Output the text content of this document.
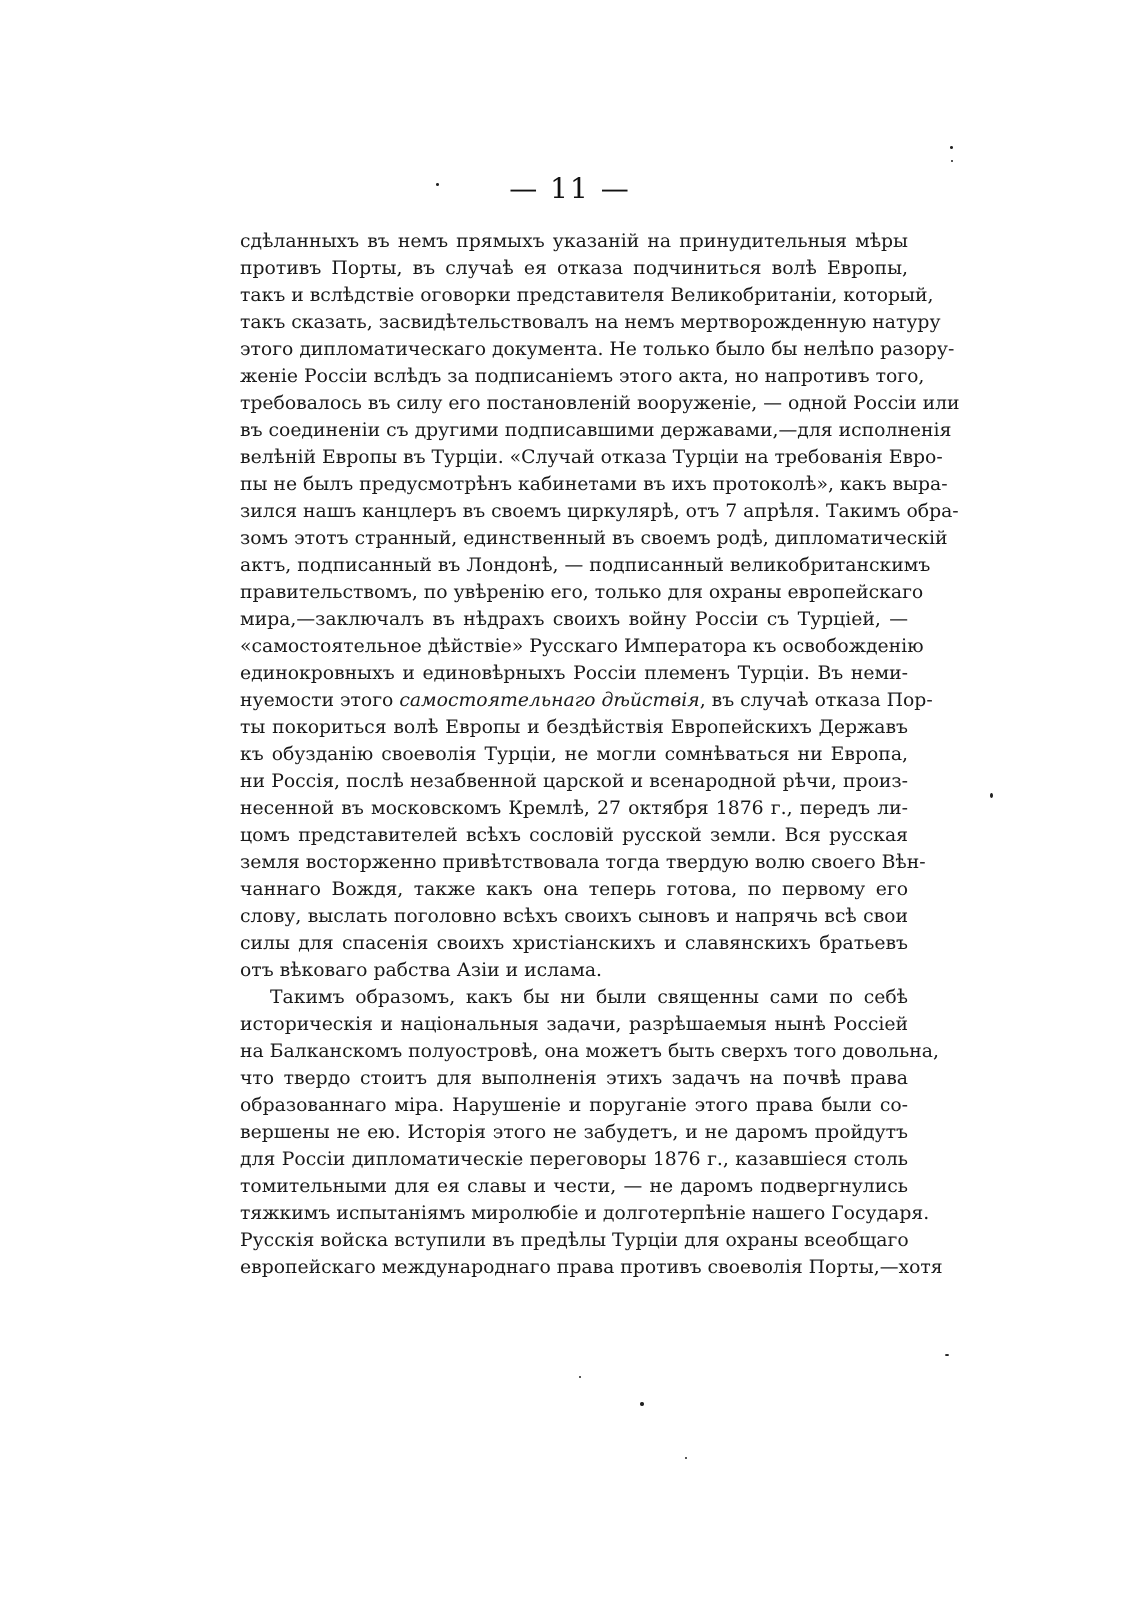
— 11 —
сдѣланныхъ въ немъ прямыхъ указаній на принудительныя мѣры
противъ Порты, въ случаѣ ея отказа подчиниться волѣ Европы,
такъ и вслѣдствіе оговорки представителя Великобританіи, который,
такъ сказать, засвидѣтельствовалъ на немъ мертворожденную натуру
этого дипломатическаго документа. Не только было бы нелѣпо разору-
женіе Россіи вслѣдъ за подписаніемъ этого акта, но напротивъ того,
требовалось въ силу его постановленій вооруженіе, — одной Россіи или
въ соединеніи съ другими подписавшими державами,—для исполненія
велѣній Европы въ Турціи. «Случай отказа Турціи на требованія Евро-
пы не былъ предусмотрѣнъ кабинетами въ ихъ протоколѣ», какъ выра-
зился нашъ канцлеръ въ своемъ циркулярѣ, отъ 7 апрѣля. Такимъ обра-
зомъ этотъ странный, единственный въ своемъ родѣ, дипломатическій
актъ, подписанный въ Лондонѣ, — подписанный великобританскимъ
правительствомъ, по увѣренію его, только для охраны европейскаго
мира,—заключалъ въ нѣдрахъ своихъ войну Россіи съ Турціей, —
«самостоятельное дѣйствіе» Русскаго Императора къ освобожденію
единокровныхъ и единовѣрныхъ Россіи племенъ Турціи. Въ неми-
нуемости этого самостоятельнаго дѣйствія, въ случаѣ отказа Пор-
ты покориться волѣ Европы и бездѣйствія Европейскихъ Державъ
къ обузданію своеволія Турціи, не могли сомнѣваться ни Европа,
ни Россія, послѣ незабвенной царской и всенародной рѣчи, произ-
несенной въ московскомъ Кремлѣ, 27 октября 1876 г., передъ ли-
цомъ представителей всѣхъ сословій русской земли. Вся русская
земля восторженно привѣтствовала тогда твердую волю своего Вѣн-
чаннаго Вождя, также какъ она теперь готова, по первому его
слову, выслать поголовно всѣхъ своихъ сыновъ и напрячь всѣ свои
силы для спасенія своихъ христіанскихъ и славянскихъ братьевъ
отъ вѣковаго рабства Азіи и ислама.
Такимъ образомъ, какъ бы ни были священны сами по себѣ
историческія и національныя задачи, разрѣшаемыя нынѣ Россіей
на Балканскомъ полуостровѣ, она можетъ быть сверхъ того довольна,
что твердо стоитъ для выполненія этихъ задачъ на почвѣ права
образованнаго міра. Нарушеніе и поруганіе этого права были со-
вершены не ею. Исторія этого не забудетъ, и не даромъ пройдутъ
для Россіи дипломатическіе переговоры 1876 г., казавшіеся столь
томительными для ея славы и чести, — не даромъ подвергнулись
тяжкимъ испытаніямъ миролюбіе и долготерпѣніе нашего Государя.
Русскія войска вступили въ предѣлы Турціи для охраны всеобщаго
европейскаго международнаго права противъ своеволія Порты,—хотя
